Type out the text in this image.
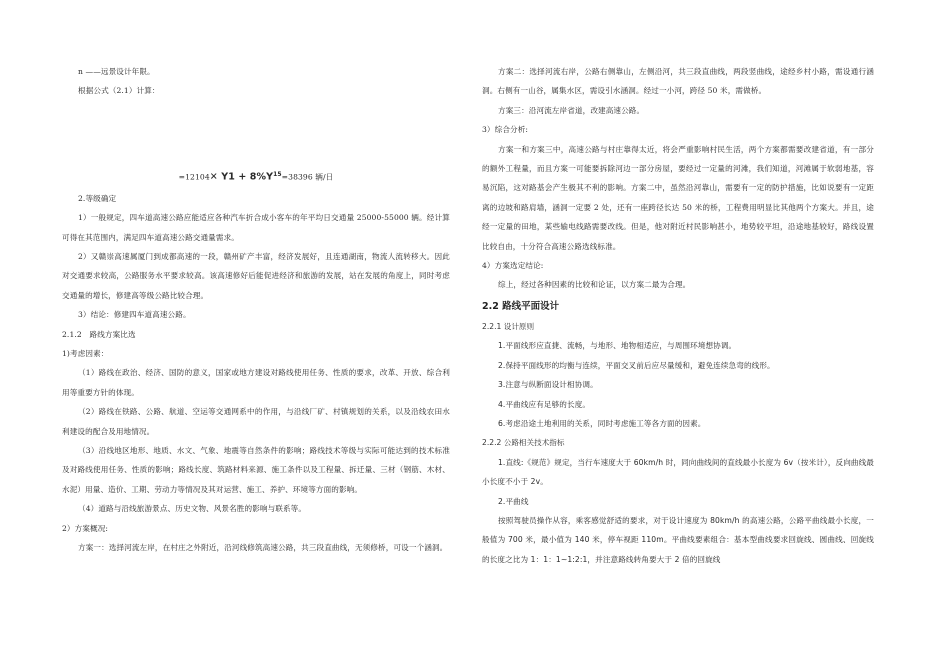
n ——远景设计年限。

根据公式（2.1）计算：

=12104✕ $Y1 + 8\%Y^{15}=38396$ 辆/日

2.等级确定

1）一般规定，四车道高速公路应能适应各种汽车折合成小客车的年平均日交通量 25000-55000 辆。经计算可得在其范围内，满足四车道高速公路交通量需求。

2）又赣崇高速属厦门到成都高速的一段，赣州矿产丰富，经济发展好，且连通湖南，物流人流转移大。因此对交通要求较高，公路服务水平要求较高。该高速修好后能促进经济和旅游的发展，站在发展的角度上，同时考虑交通量的增长，修建高等级公路比较合理。

3）结论：修建四车道高速公路。

2.1.2　路线方案比选

1)考虑因素：

（1）路线在政治、经济、国防的意义，国家或地方建设对路线使用任务、性质的要求，改革、开放、综合利用等重要方针的体现。

（2）路线在铁路、公路、航道、空运等交通网系中的作用，与沿线厂矿、村镇规划的关系，以及沿线农田水利建设的配合及用地情况。

（3）沿线地区地形、地质、水文、气象、地震等自然条件的影响；路线技术等级与实际可能达到的技术标准及对路线使用任务、性质的影响；路线长度、筑路材料来源、施工条件以及工程量、拆迁量、三材（钢筋、木材、水泥）用量、造价、工期、劳动力等情况及其对运营、施工、养护、环境等方面的影响。

（4）道路与沿线旅游景点、历史文物、风景名胜的影响与联系等。

2）方案概况:

方案一：选择河流左岸，在村庄之外附近，沿河线修筑高速公路，共三段直曲线，无须修桥，可设一个涵洞。

方案二：选择河流右岸，公路右侧靠山，左侧沿河，共三段直曲线，两段竖曲线，途经乡村小路，需设通行涵洞。右侧有一山谷，属集水区，需设引水涵洞。经过一小河，跨径 50 米，需做桥。

方案三：沿河流左岸省道，改建高速公路。

3）综合分析:

方案一和方案三中，高速公路与村庄靠得太近，将会严重影响村民生活，两个方案都需要改建省道，有一部分的额外工程量，而且方案一可能要拆除河边一部分房屋，要经过一定量的河滩，我们知道，河滩属于软弱地基，容易沉陷，这对路基会产生极其不利的影响。方案二中，虽然沿河靠山，需要有一定的防护措施，比如说要有一定距离的边坡和路肩墙，涵洞一定要 2 处，还有一座跨径长达 50 米的桥，工程费用明显比其他两个方案大。并且，途经一定量的田地，某些输电线路需要改线。但是，他对附近村民影响甚小，地势较平坦，沿途地基较好，路线设置比较自由，十分符合高速公路选线标准。

4）方案选定结论:

综上，经过各种因素的比较和论证，以方案二最为合理。

2.2 路线平面设计

2.2.1 设计原则

1.平面线形应直捷、流畅，与地形、地物相适应，与周围环境想协调。

2.保持平面线形的均衡与连续，平面交叉前后应尽量缓和，避免连续急弯的线形。

3.注意与纵断面设计相协调。

4.平曲线应有足够的长度。

6.考虑沿途土地利用的关系，同时考虑施工等各方面的因素。

2.2.2 公路相关技术指标

1.直线:《规范》规定，当行车速度大于 60km/h 时，同向曲线间的直线最小长度为 6v（按米计），反向曲线最小长度不小于 2v。

2.平曲线

按照驾驶员操作从容，乘客感觉舒适的要求，对于设计速度为 80km/h 的高速公路，公路平曲线最小长度，一般值为 700 米，最小值为 140 米，停车视距 110m。平曲线要素组合：基本型曲线要求回旋线、圆曲线、回旋线的长度之比为 1：1：1~1:2:1，并注意路线转角要大于 2 倍的回旋线
